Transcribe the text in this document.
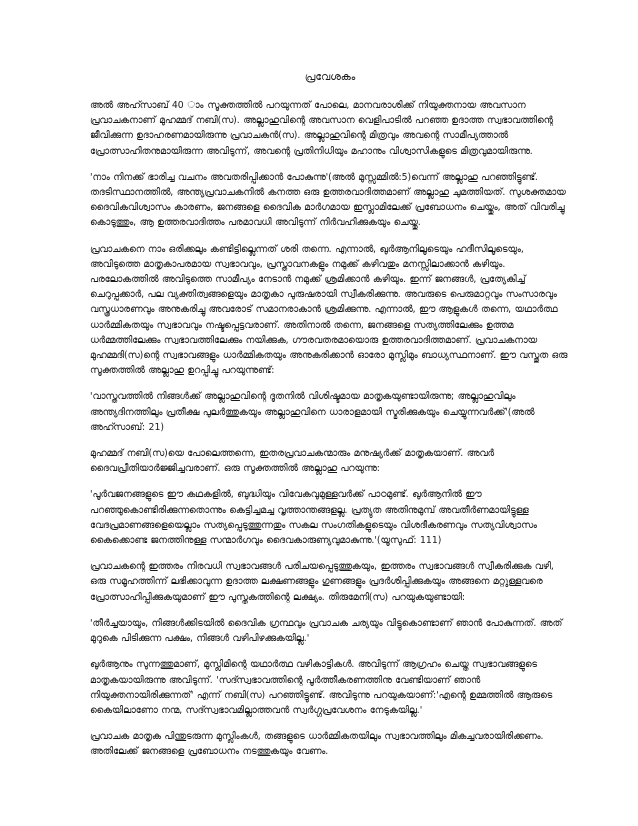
പ്രവേശകം

അൽ അഹ്സാബ് 40 ാം സൂക്തത്തിൽ പറയുന്നത് പോലെ, മാനവരാശിക്ക് നിയുക്തനായ അവസാന പ്രവാചകനാണ് മുഹമ്മദ് നബി(സ). അല്ലാഹുവിന്റെ അവസാന വെളിപാടിൽ പറഞ്ഞ ഉദാത്ത സ്വഭാവത്തിന്റെ ജീവിക്കുന്ന ഉദാഹരണമായിരുന്നു പ്രവാചകൻ(സ). അല്ലാഹുവിന്റെ മിത്രവും അവന്റെ സാമീപ്യത്താൽ പ്രോത്സാഹിതനുമായിരുന്ന അവിടുന്ന്, അവന്റെ പ്രതിനിധിയും മഹാനും വിശ്വാസികളുടെ മിത്രവുമായിരുന്നു.

'നാം നിനക്ക് ഭാരിച്ച വചനം അവതരിപ്പിക്കാൻ പോകുന്നു'(അൽ മുസ്സമ്മിൽ:5)വെന്ന് അല്ലാഹു പറഞ്ഞിട്ടുണ്ട്. തദടിസ്ഥാനത്തിൽ, അന്ത്യപ്രവാചകനിൽ കനത്ത ഒരു ഉത്തരവാദിത്തമാണ് അല്ലാഹു ചുമത്തിയത്. സുശക്തമായ ദൈവികവിശ്വാസം കാരണം, ജനങ്ങളെ ദൈവിക മാർഗമായ ഇസ്ലാമിലേക്ക് പ്രബോധനം ചെയ്തും, അത് വിവരിച്ചു കൊടുത്തും, ആ ഉത്തരവാദിത്തം പരമാവധി അവിടുന്ന് നിർവഹിക്കുകയും ചെയ്തു.

പ്രവാചകനെ നാം ഒരിക്കലും കണ്ടിട്ടില്ലെന്നത് ശരി തന്നെ. എന്നാൽ, ഖുർആനിലൂടെയും ഹദീസിലൂടെയും, അവിടുത്തെ മാതൃകാപരമായ സ്വഭാവവും, പ്രസ്താവനകളും നമുക്ക് കഴിവതും മനസ്സിലാക്കാൻ കഴിയും. പരലോകത്തിൽ അവിടുത്തെ സാമീപ്യം നേടാൻ നമുക്ക് ശ്രമിക്കാൻ കഴിയും. ഇന്ന് ജനങ്ങൾ, പ്രത്യേകിച്ച് ചെറുപ്പക്കാർ, പല വ്യക്തിത്വങ്ങളെയും മാതൃകാ പുരുഷരായി സ്വീകരിക്കുന്നു. അവരുടെ പെരുമാറ്റവും സംസാരവും വസ്ത്രധാരണവും അനുകരിച്ചു അവരോട് സമാനരാകാൻ ശ്രമിക്കുന്നു. എന്നാൽ, ഈ ആളുകൾ തന്നെ, യഥാർത്ഥ ധാർമ്മികതയും സ്വഭാവവും നഷ്ടപ്പെട്ടവരാണ്. അതിനാൽ തന്നെ, ജനങ്ങളെ സത്യത്തിലേക്കും ഉത്തമ ധർമ്മത്തിലേക്കും സ്വഭാവത്തിലേക്കും നയിക്കുക, ഗൗരവതരമായൊരു ഉത്തരവാദിത്തമാണ്. പ്രവാചകനായ മുഹമ്മദി(സ)ന്റെ സ്വഭാവങ്ങളും ധാർമ്മികതയും അനുകരിക്കാൻ ഓരോ മുസ്ലിമും ബാധ്യസ്ഥനാണ്. ഈ വസ്തുത ഒരു സൂക്തത്തിൽ അല്ലാഹു ഉറപ്പിച്ചു പറയുന്നുണ്ട്:

'വാസ്തവത്തിൽ നിങ്ങൾക്ക് അല്ലാഹുവിന്റെ ദൂതനിൽ വിശിഷ്ടമായ മാതൃകയുണ്ടായിരുന്നു; അല്ലാഹുവിലും അന്ത്യദിനത്തിലും പ്രതീക്ഷ പുലർത്തുകയും അല്ലാഹുവിനെ ധാരാളമായി സ്മരിക്കുകയും ചെയ്യുന്നവർക്ക്'(അൽ അഹ്സാബ്: 21)

മുഹമ്മദ് നബി(സ)യെ പോലെത്തന്നെ, ഇതരപ്രവാചകന്മാരും മനുഷ്യർക്ക് മാതൃകയാണ്. അവർ ദൈവപ്രീതിയാർജ്ജിച്ചവരാണ്. ഒരു സൂക്തത്തിൽ അല്ലാഹു പറയുന്നു:

'പൂർവജനങ്ങളുടെ ഈ കഥകളിൽ, ബുദ്ധിയും വിവേകവുമുള്ളവർക്ക് പാഠമുണ്ട്. ഖുർആനിൽ ഈ പറഞ്ഞുകൊണ്ടിരിക്കുന്നതൊന്നും കെട്ടിച്ചമച്ച വൃത്താന്തങ്ങളല്ല. പ്രത്യുത അതിനുമുമ്പ് അവതീർണമായിട്ടുള്ള വേദപ്രമാണങ്ങളെയെല്ലാം സത്യപ്പെടുത്തുന്നതും സകല സംഗതികളുടെയും വിശദീകരണവും സത്യവിശ്വാസം കൈക്കൊണ്ട ജനത്തിനുള്ള സന്മാർഗവും ദൈവകാരുണ്യവുമാകുന്നു.'(യൂസുഫ്: 111)

പ്രവാചകന്റെ ഇത്തരം നിരവധി സ്വഭാവങ്ങൾ പരിചയപ്പെടുത്തുകയും, ഇത്തരം സ്വഭാവങ്ങൾ സ്വീകരിക്കുക വഴി, ഒരു സമൂഹത്തിന്ന് ലഭിക്കാവുന്ന ഉദാത്ത ലക്ഷണങ്ങളും ഗുണങ്ങളും പ്രദർശിപ്പിക്കുകയും അങ്ങനെ മറ്റുള്ളവരെ പ്രോത്സാഹിപ്പിക്കുകയുമാണ് ഈ പുസ്തകത്തിന്റെ ലക്ഷ്യം. തിരുമേനി(സ) പറയുകയുണ്ടായി:

'തീർച്ചയായും, നിങ്ങൾക്കിടയിൽ ദൈവിക ഗ്രന്ഥവും പ്രവാചക ചര്യയും വിട്ടുകൊണ്ടാണ് ഞാൻ പോകുന്നത്. അത് മുറുകെ പിടിക്കുന്ന പക്ഷം, നിങ്ങൾ വഴിപിഴക്കുകയില്ല.'

ഖുർആനും സുന്നത്തുമാണ്, മുസ്ലിമിന്റെ യഥാർത്ഥ വഴികാട്ടികൾ. അവിടുന്ന് ആഗ്രഹം ചെയ്ത സ്വഭാവങ്ങളുടെ മാതൃകയായിരുന്നു അവിടുന്ന്. 'സദ്സ്വഭാവത്തിന്റെ പൂർത്തീകരണത്തിനു വേണ്ടിയാണ് ഞാൻ നിയുക്തനായിരിക്കുന്നത്' എന്ന് നബി(സ) പറഞ്ഞിട്ടുണ്ട്. അവിടുന്നു പറയുകയാണ്:'എന്റെ ഉമ്മത്തിൽ ആരുടെ കൈയിലാണോ നന്മ, സദ്സ്വഭാവമില്ലാത്തവൻ സ്വർഗ്ഗപ്രവേശനം നേടുകയില്ല.'

പ്രവാചക മാതൃക പിന്തുടരുന്ന മുസ്ലിംകൾ, തങ്ങളുടെ ധാർമ്മികതയിലും സ്വഭാവത്തിലും മികച്ചവരായിരിക്കണം. അതിലേക്ക് ജനങ്ങളെ പ്രബോധനം നടത്തുകയും വേണം.
